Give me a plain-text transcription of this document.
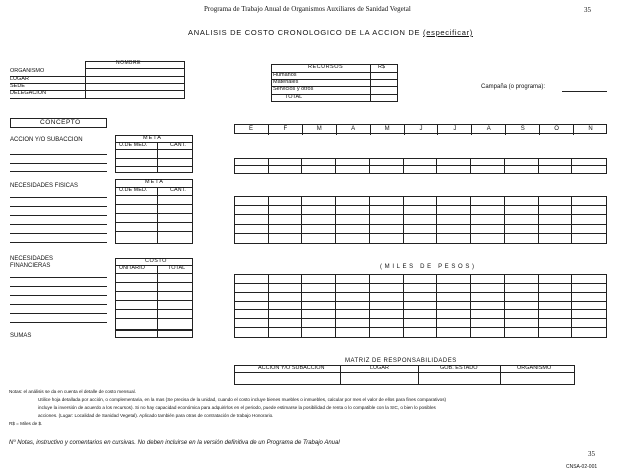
Programa de Trabajo Anual de Organismos Auxiliares de Sanidad Vegetal	35
ANALISIS DE COSTO CRONOLOGICO DE LA ACCION DE (especificar)
NOMBRE
ORGANISMO
LUGAR
SEDE
DELEGACION
RECURSOS	R$
Humanos
Materiales
Servicios y otros
TOTAL
Campaña (o programa):
CONCEPTO
ACCION Y/O SUBACCION
NECESIDADES FISICAS
NECESIDADES
FINANCIERAS
SUMAS
META
U.DE MED.	CANT.
META
U.DE MED.	CANT.
COSTO
UNITARIO	TOTAL
E	F	M	A	M	J	J	A	S	O	N
( M I L E S   D E   P E S O S )
MATRIZ DE RESPONSABILIDADES
ACCION Y/O SUBACCION	LUGAR	GOB. ESTADO	ORGANISMO
Notas: el análisis se da en cuenta el detalle de costo mensual.
Utilice hoja detallada por acción, o complementaria, en la mas (Se precisa de la unidad, cuando el costo incluye bienes muebles o inmuebles, calcular por mes el valor de ellos para fines comparativos)
incluye la inversión de acuerdo a los recursos). Si no hay capacidad económica para adquirirlos en el periodo, puede estimarse la posibilidad de renta o lo compatible con la SIC, o bien lo posibles
acciones. (Lugar: Localidad de Sanidad Vegetal). Aplicado también para otras de contratación de trabajo Honorario.
R$ = Miles de $.
Nº Notas, instructivo y comentarios en cursivas. No deben incluirse en la versión definitiva de un Programa de Trabajo Anual
35
CNSA-02-001
